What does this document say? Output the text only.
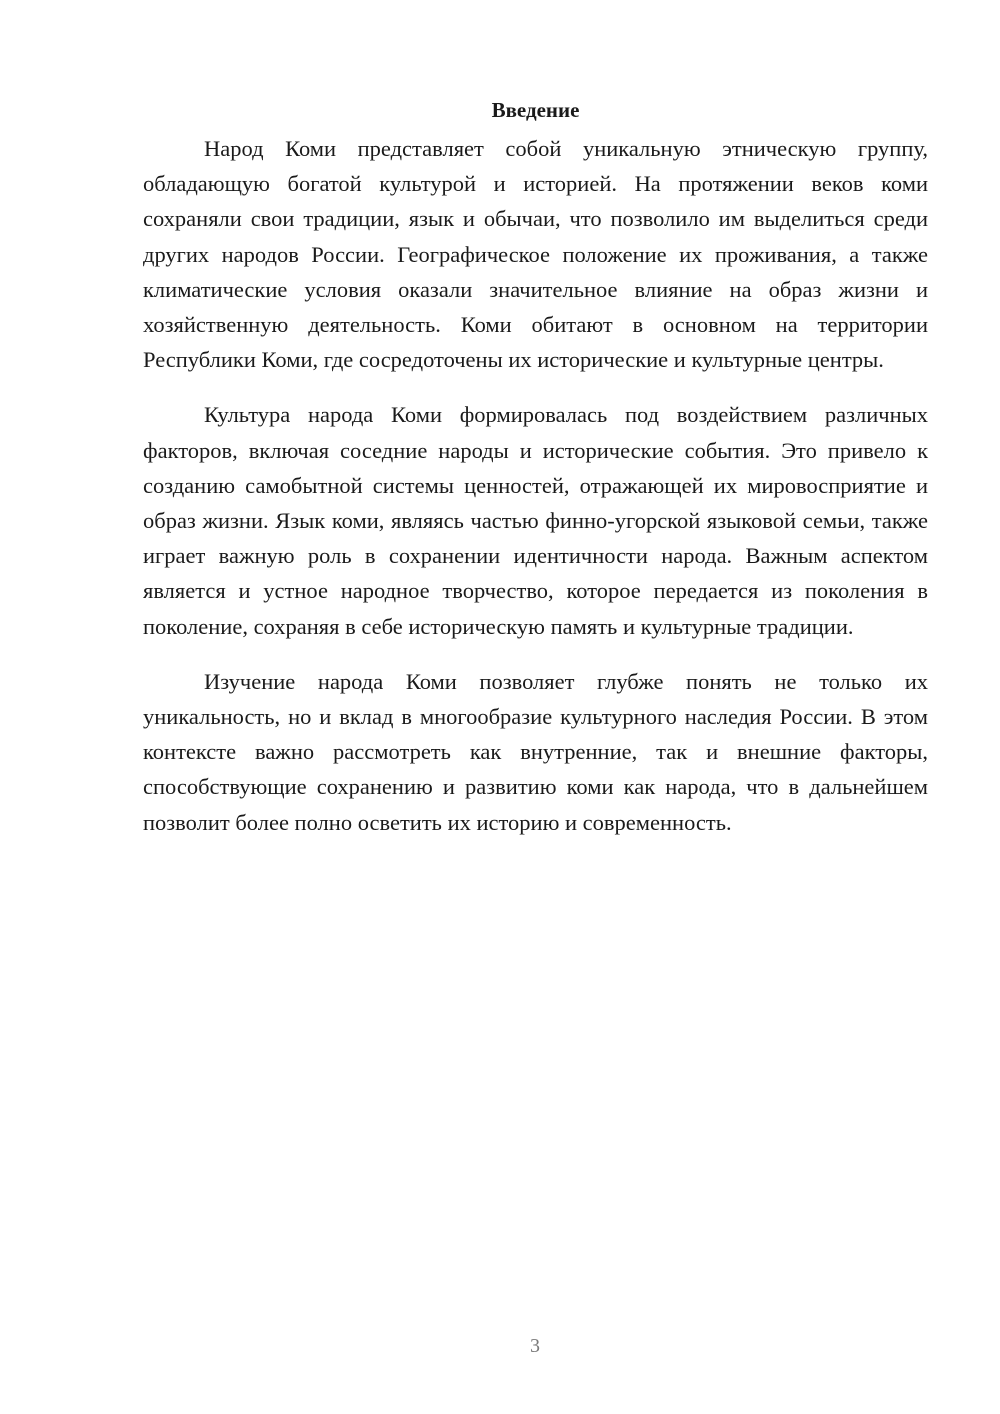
Введение

Народ Коми представляет собой уникальную этническую группу, обладающую богатой культурой и историей. На протяжении веков коми сохраняли свои традиции, язык и обычаи, что позволило им выделиться среди других народов России. Географическое положение их проживания, а также климатические условия оказали значительное влияние на образ жизни и хозяйственную деятельность. Коми обитают в основном на территории Республики Коми, где сосредоточены их исторические и культурные центры.

Культура народа Коми формировалась под воздействием различных факторов, включая соседние народы и исторические события. Это привело к созданию самобытной системы ценностей, отражающей их мировосприятие и образ жизни. Язык коми, являясь частью финно-угорской языковой семьи, также играет важную роль в сохранении идентичности народа. Важным аспектом является и устное народное творчество, которое передается из поколения в поколение, сохраняя в себе историческую память и культурные традиции.

Изучение народа Коми позволяет глубже понять не только их уникальность, но и вклад в многообразие культурного наследия России. В этом контексте важно рассмотреть как внутренние, так и внешние факторы, способствующие сохранению и развитию коми как народа, что в дальнейшем позволит более полно осветить их историю и современность.

3
